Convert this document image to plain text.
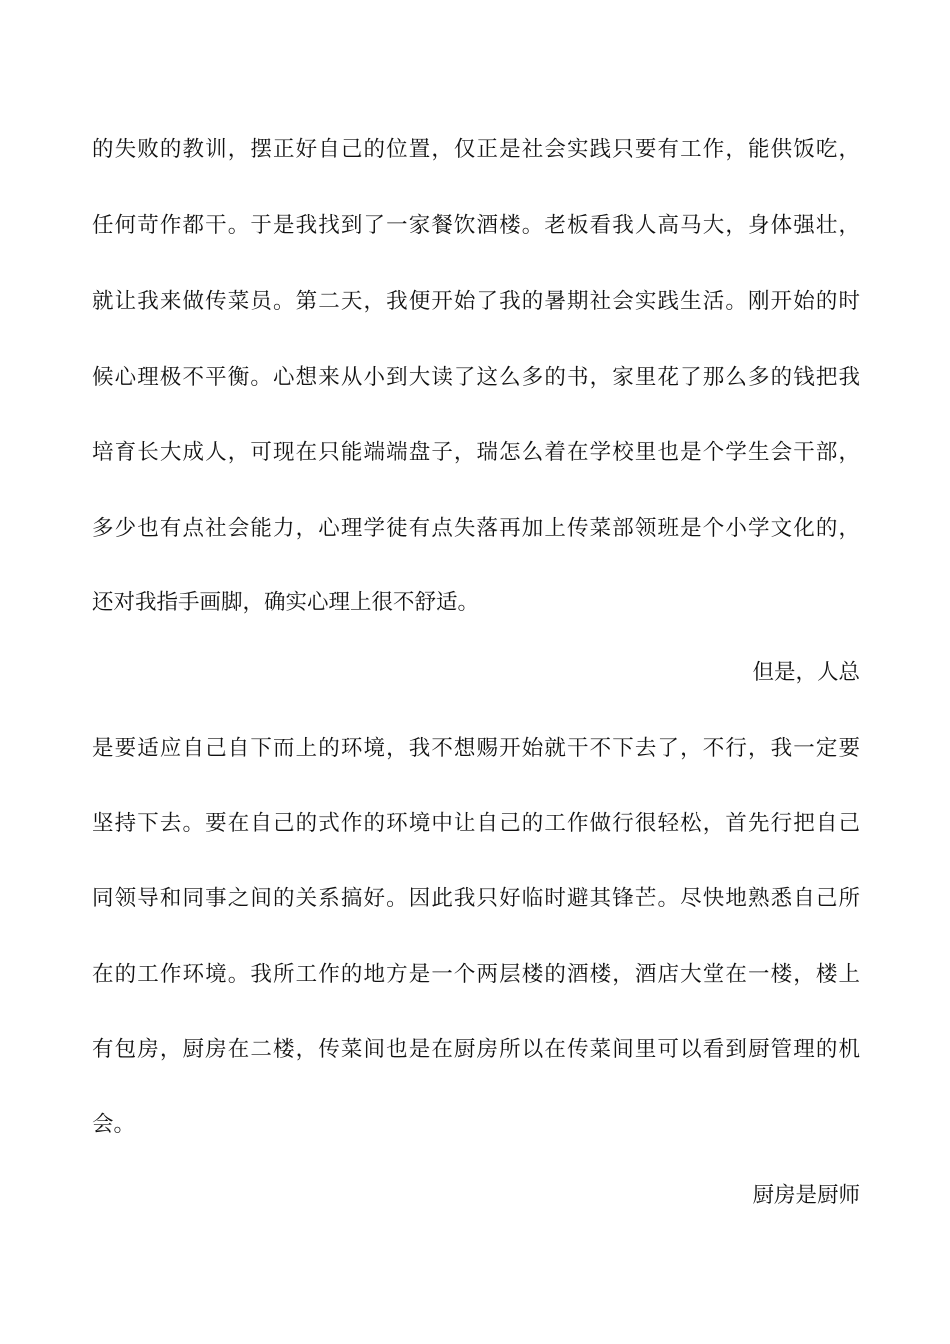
的失败的教训，摆正好自己的位置，仅正是社会实践只要有工作，能供饭吃，
任何苛作都干。于是我找到了一家餐饮酒楼。老板看我人高马大，身体强壮，
就让我来做传菜员。第二天，我便开始了我的暑期社会实践生活。刚开始的时
候心理极不平衡。心想来从小到大读了这么多的书，家里花了那么多的钱把我
培育长大成人，可现在只能端端盘子，瑞怎么着在学校里也是个学生会干部，
多少也有点社会能力，心理学徒有点失落再加上传菜部领班是个小学文化的，
还对我指手画脚，确实心理上很不舒适。
但是，人总
是要适应自己自下而上的环境，我不想赐开始就干不下去了，不行，我一定要
坚持下去。要在自己的式作的环境中让自己的工作做行很轻松，首先行把自己
同领导和同事之间的关系搞好。因此我只好临时避其锋芒。尽快地熟悉自己所
在的工作环境。我所工作的地方是一个两层楼的酒楼，酒店大堂在一楼，楼上
有包房，厨房在二楼，传菜间也是在厨房所以在传菜间里可以看到厨管理的机
会。
厨房是厨师
